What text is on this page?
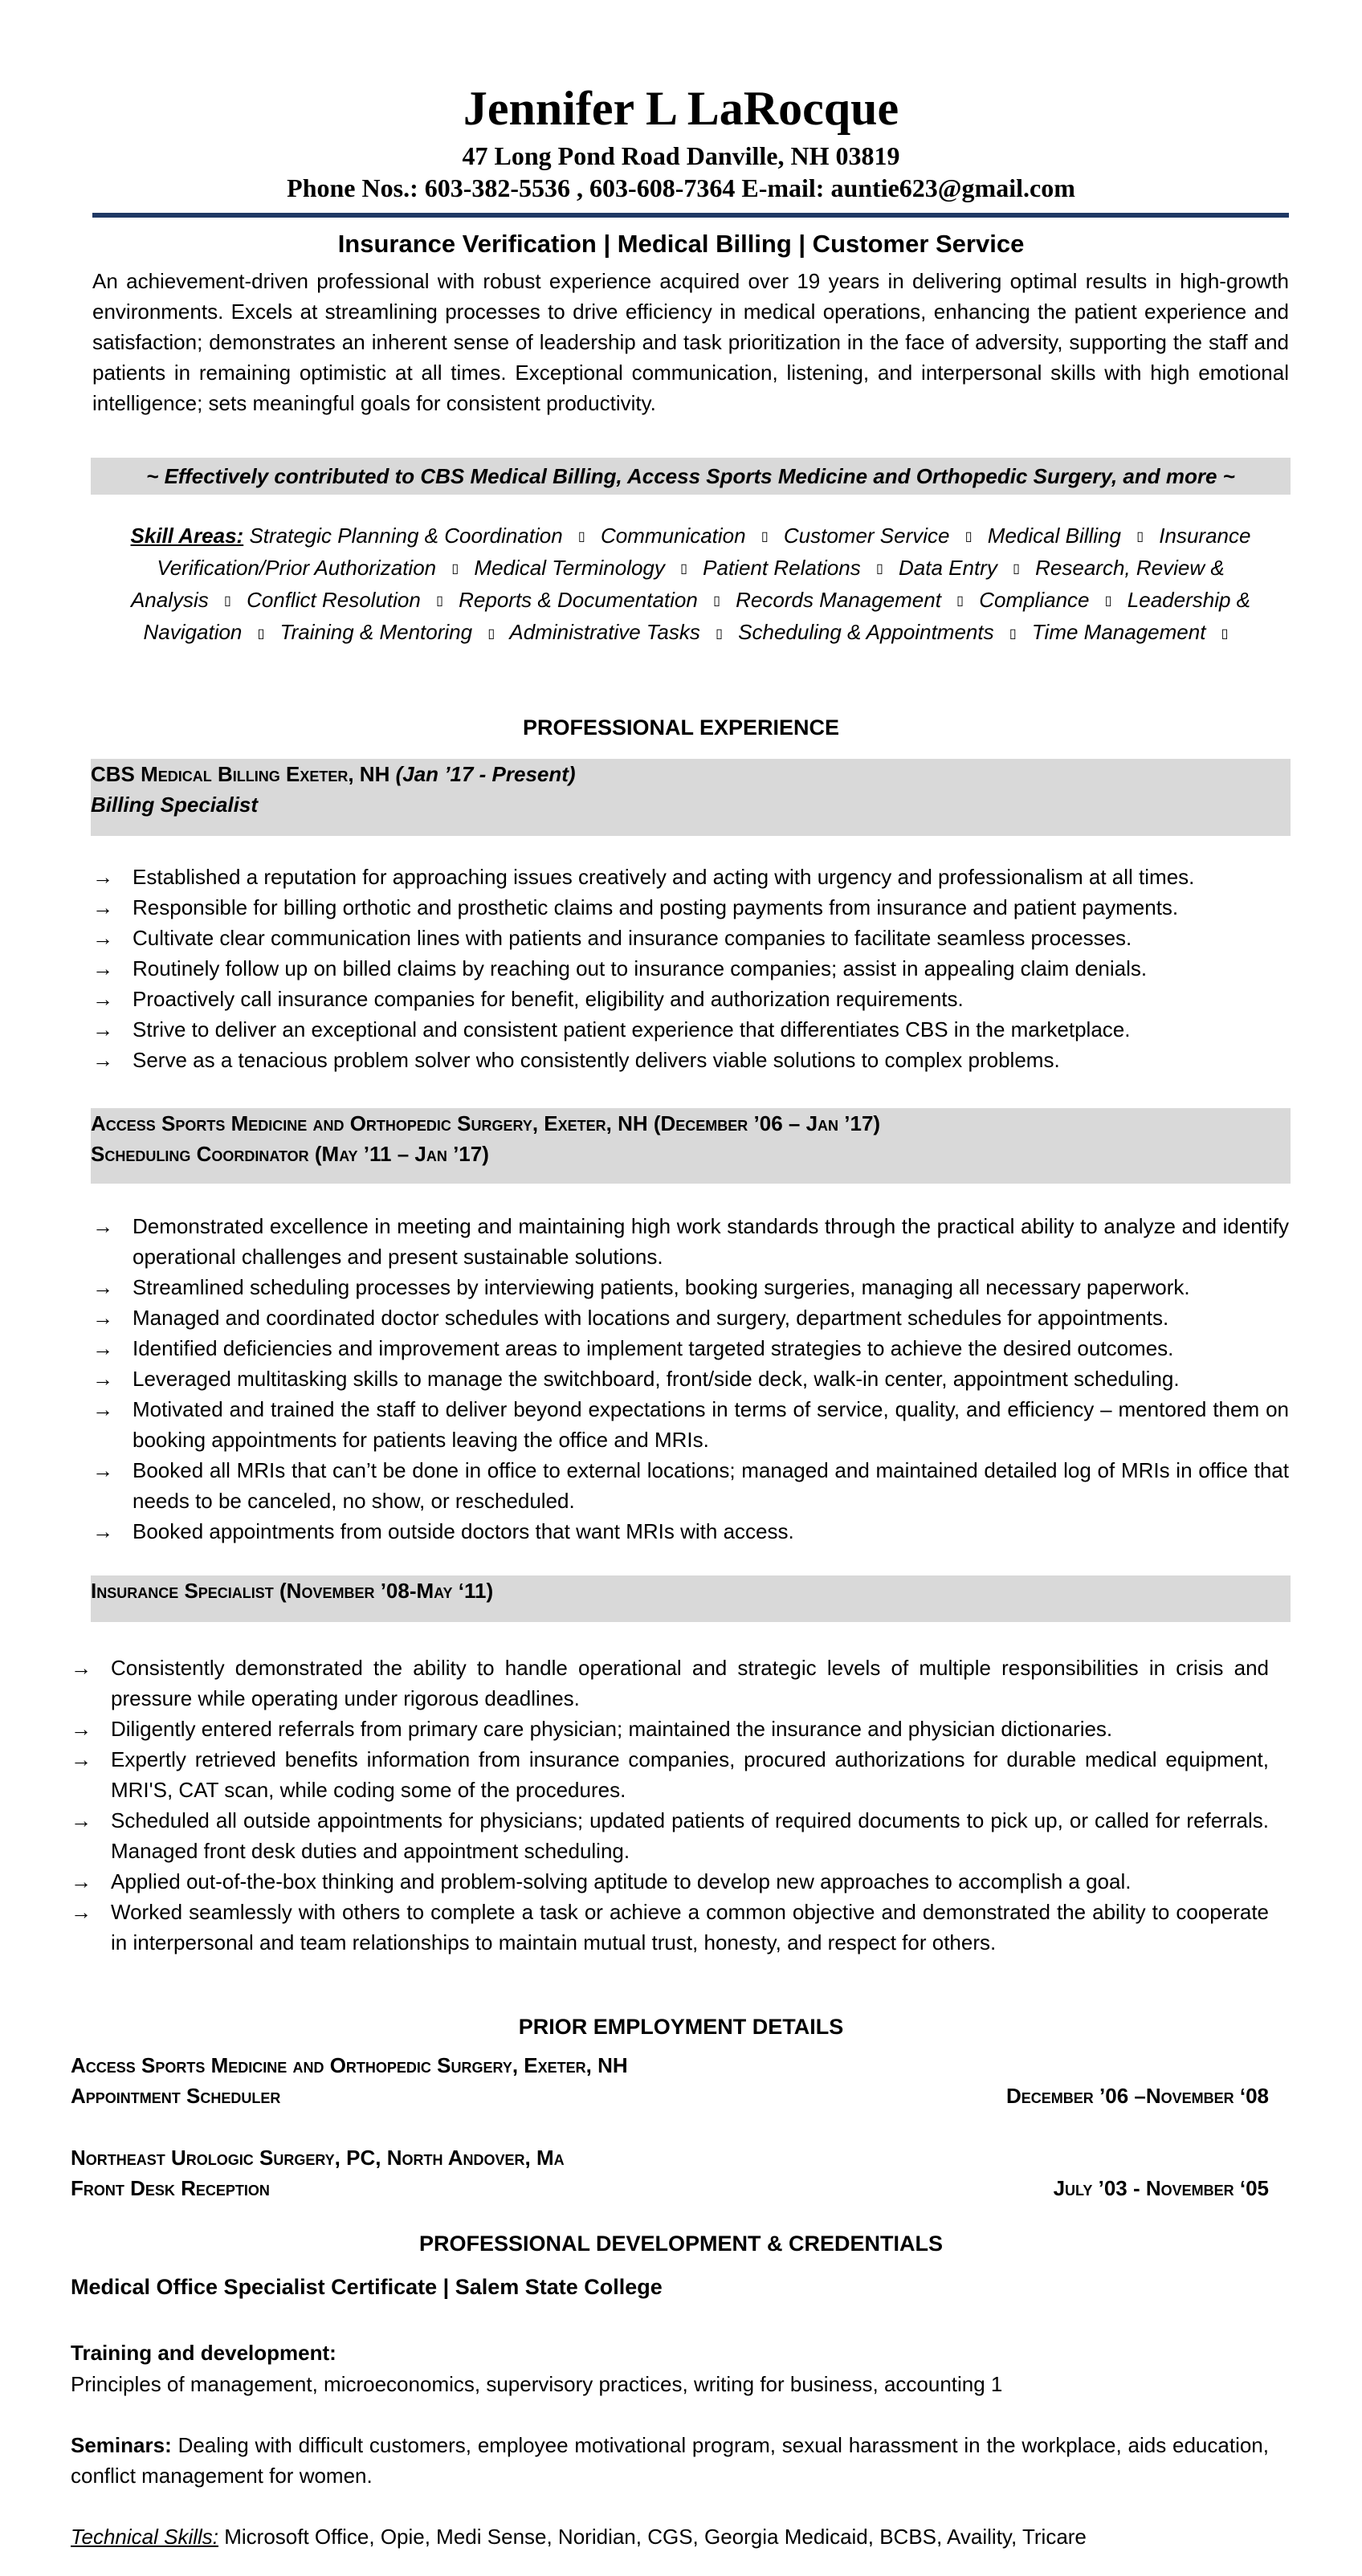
Jennifer L LaRocque
47 Long Pond Road Danville, NH 03819
Phone Nos.: 603-382-5536 , 603-608-7364 E-mail: auntie623@gmail.com
Insurance Verification | Medical Billing | Customer Service
An achievement-driven professional with robust experience acquired over 19 years in delivering optimal results in high-growth environments. Excels at streamlining processes to drive efficiency in medical operations, enhancing the patient experience and satisfaction; demonstrates an inherent sense of leadership and task prioritization in the face of adversity, supporting the staff and patients in remaining optimistic at all times. Exceptional communication, listening, and interpersonal skills with high emotional intelligence; sets meaningful goals for consistent productivity.
~ Effectively contributed to CBS Medical Billing, Access Sports Medicine and Orthopedic Surgery, and more ~
Skill Areas: Strategic Planning & Coordination ▯ Communication ▯ Customer Service ▯ Medical Billing ▯ Insurance Verification/Prior Authorization ▯ Medical Terminology ▯ Patient Relations ▯ Data Entry ▯ Research, Review & Analysis ▯ Conflict Resolution ▯ Reports & Documentation ▯ Records Management ▯ Compliance ▯ Leadership & Navigation ▯ Training & Mentoring ▯ Administrative Tasks ▯ Scheduling & Appointments ▯ Time Management ▯
PROFESSIONAL EXPERIENCE
CBS Medical Billing Exeter, NH (Jan ’17 - Present)
Billing Specialist
→ Established a reputation for approaching issues creatively and acting with urgency and professionalism at all times.
→ Responsible for billing orthotic and prosthetic claims and posting payments from insurance and patient payments.
→ Cultivate clear communication lines with patients and insurance companies to facilitate seamless processes.
→ Routinely follow up on billed claims by reaching out to insurance companies; assist in appealing claim denials.
→ Proactively call insurance companies for benefit, eligibility and authorization requirements.
→ Strive to deliver an exceptional and consistent patient experience that differentiates CBS in the marketplace.
→ Serve as a tenacious problem solver who consistently delivers viable solutions to complex problems.
Access Sports Medicine and Orthopedic Surgery, Exeter, NH (December ’06 – Jan ’17)
Scheduling Coordinator (May ’11 – Jan ’17)
→ Demonstrated excellence in meeting and maintaining high work standards through the practical ability to analyze and identify operational challenges and present sustainable solutions.
→ Streamlined scheduling processes by interviewing patients, booking surgeries, managing all necessary paperwork.
→ Managed and coordinated doctor schedules with locations and surgery, department schedules for appointments.
→ Identified deficiencies and improvement areas to implement targeted strategies to achieve the desired outcomes.
→ Leveraged multitasking skills to manage the switchboard, front/side deck, walk-in center, appointment scheduling.
→ Motivated and trained the staff to deliver beyond expectations in terms of service, quality, and efficiency – mentored them on booking appointments for patients leaving the office and MRIs.
→ Booked all MRIs that can’t be done in office to external locations; managed and maintained detailed log of MRIs in office that needs to be canceled, no show, or rescheduled.
→ Booked appointments from outside doctors that want MRIs with access.
Insurance Specialist (November ’08-May ‘11)
→ Consistently demonstrated the ability to handle operational and strategic levels of multiple responsibilities in crisis and pressure while operating under rigorous deadlines.
→ Diligently entered referrals from primary care physician; maintained the insurance and physician dictionaries.
→ Expertly retrieved benefits information from insurance companies, procured authorizations for durable medical equipment, MRI'S, CAT scan, while coding some of the procedures.
→ Scheduled all outside appointments for physicians; updated patients of required documents to pick up, or called for referrals. Managed front desk duties and appointment scheduling.
→ Applied out-of-the-box thinking and problem-solving aptitude to develop new approaches to accomplish a goal.
→ Worked seamlessly with others to complete a task or achieve a common objective and demonstrated the ability to cooperate in interpersonal and team relationships to maintain mutual trust, honesty, and respect for others.
PRIOR EMPLOYMENT DETAILS
Access Sports Medicine and Orthopedic Surgery, Exeter, NH
Appointment Scheduler	December ’06 –November ‘08
Northeast Urologic Surgery, PC, North Andover, Ma
Front Desk Reception	July ’03 - November ‘05
PROFESSIONAL DEVELOPMENT & CREDENTIALS
Medical Office Specialist Certificate | Salem State College
Training and development:
Principles of management, microeconomics, supervisory practices, writing for business, accounting 1
Seminars: Dealing with difficult customers, employee motivational program, sexual harassment in the workplace, aids education, conflict management for women.
Technical Skills: Microsoft Office, Opie, Medi Sense, Noridian, CGS, Georgia Medicaid, BCBS, Availity, Tricare
